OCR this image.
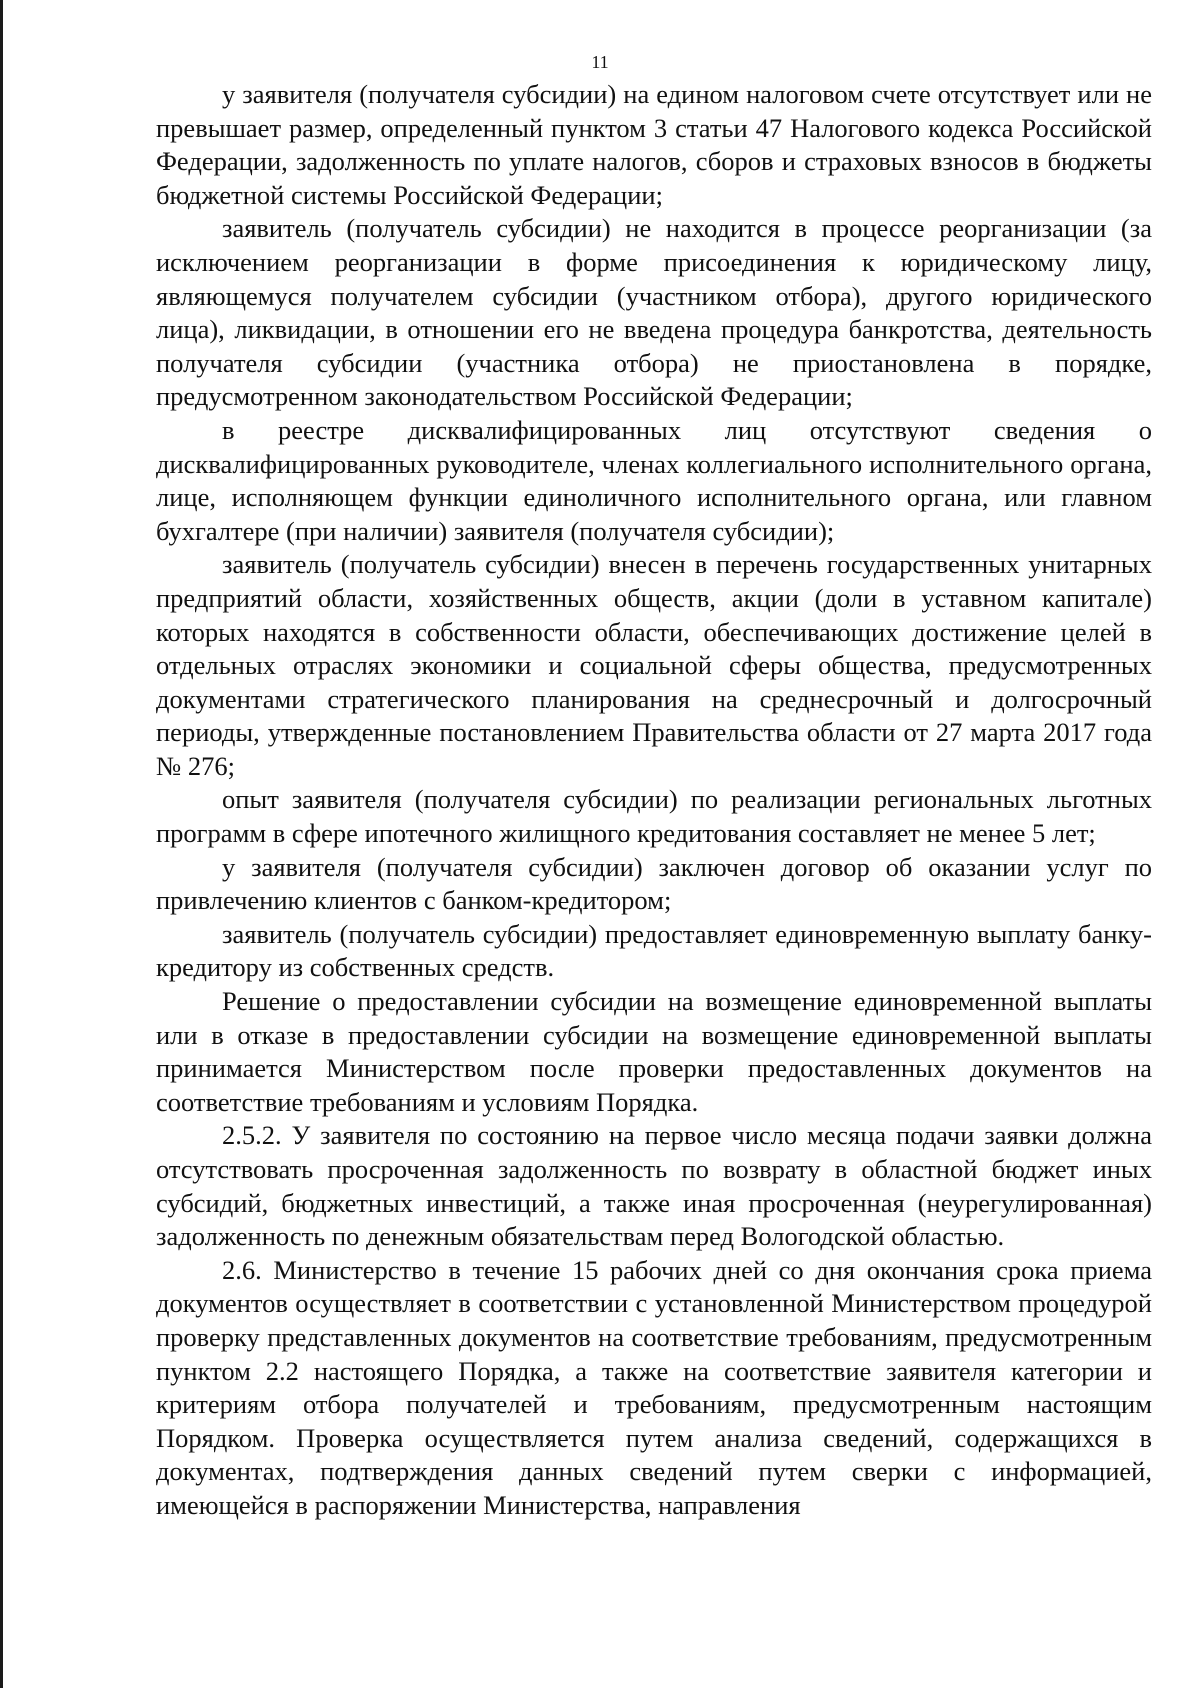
11

у заявителя (получателя субсидии) на едином налоговом счете отсутствует или не превышает размер, определенный пунктом 3 статьи 47 Налогового кодекса Российской Федерации, задолженность по уплате налогов, сборов и страховых взносов в бюджеты бюджетной системы Российской Федерации;

заявитель (получатель субсидии) не находится в процессе реорганизации (за исключением реорганизации в форме присоединения к юридическому лицу, являющемуся получателем субсидии (участником отбора), другого юридического лица), ликвидации, в отношении его не введена процедура банкротства, деятельность получателя субсидии (участника отбора) не приостановлена в порядке, предусмотренном законодательством Российской Федерации;

в реестре дисквалифицированных лиц отсутствуют сведения о дисквалифицированных руководителе, членах коллегиального исполнительного органа, лице, исполняющем функции единоличного исполнительного органа, или главном бухгалтере (при наличии) заявителя (получателя субсидии);

заявитель (получатель субсидии) внесен в перечень государственных унитарных предприятий области, хозяйственных обществ, акции (доли в уставном капитале) которых находятся в собственности области, обеспечивающих достижение целей в отдельных отраслях экономики и социальной сферы общества, предусмотренных документами стратегического планирования на среднесрочный и долгосрочный периоды, утвержденные постановлением Правительства области от 27 марта 2017 года № 276;

опыт заявителя (получателя субсидии) по реализации региональных льготных программ в сфере ипотечного жилищного кредитования составляет не менее 5 лет;

у заявителя (получателя субсидии) заключен договор об оказании услуг по привлечению клиентов с банком-кредитором;

заявитель (получатель субсидии) предоставляет единовременную выплату банку-кредитору из собственных средств.

Решение о предоставлении субсидии на возмещение единовременной выплаты или в отказе в предоставлении субсидии на возмещение единовременной выплаты принимается Министерством после проверки предоставленных документов на соответствие требованиям и условиям Порядка.

2.5.2. У заявителя по состоянию на первое число месяца подачи заявки должна отсутствовать просроченная задолженность по возврату в областной бюджет иных субсидий, бюджетных инвестиций, а также иная просроченная (неурегулированная) задолженность по денежным обязательствам перед Вологодской областью.

2.6. Министерство в течение 15 рабочих дней со дня окончания срока приема документов осуществляет в соответствии с установленной Министерством процедурой проверку представленных документов на соответствие требованиям, предусмотренным пунктом 2.2 настоящего Порядка, а также на соответствие заявителя категории и критериям отбора получателей и требованиям, предусмотренным настоящим Порядком. Проверка осуществляется путем анализа сведений, содержащихся в документах, подтверждения данных сведений путем сверки с информацией, имеющейся в распоряжении Министерства, направления
